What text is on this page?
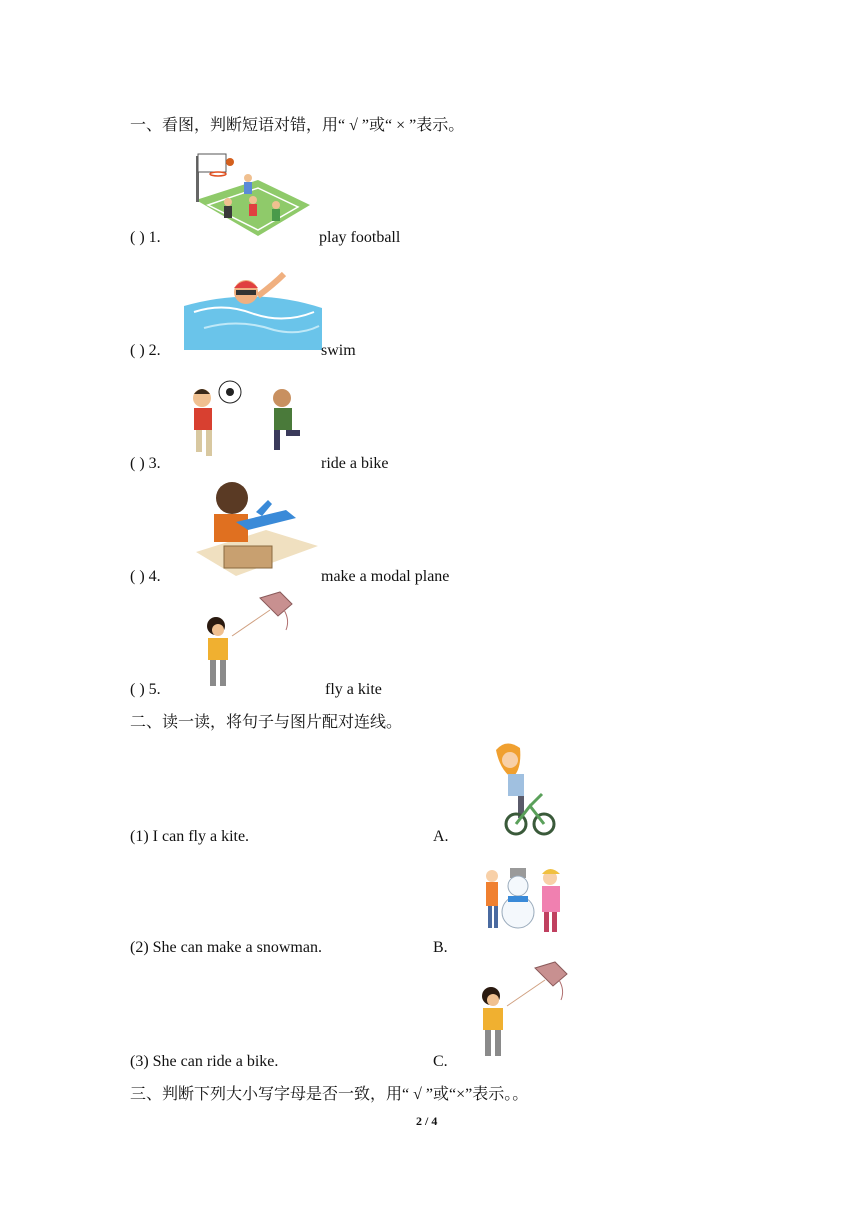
一、看图，判断短语对错，用“ √ ”或“ × ”表示。
( ) 1.	play football
( ) 2.	swim
( ) 3.	ride a bike
( ) 4.	make a modal plane
( ) 5.	fly a kite
二、读一读，将句子与图片配对连线。
(1) I can fly a kite.	A.
(2) She can make a snowman.	B.
(3) She can ride a bike.	C.
三、判断下列大小写字母是否一致，用“ √ ”或“×”表示。。
2 / 4
